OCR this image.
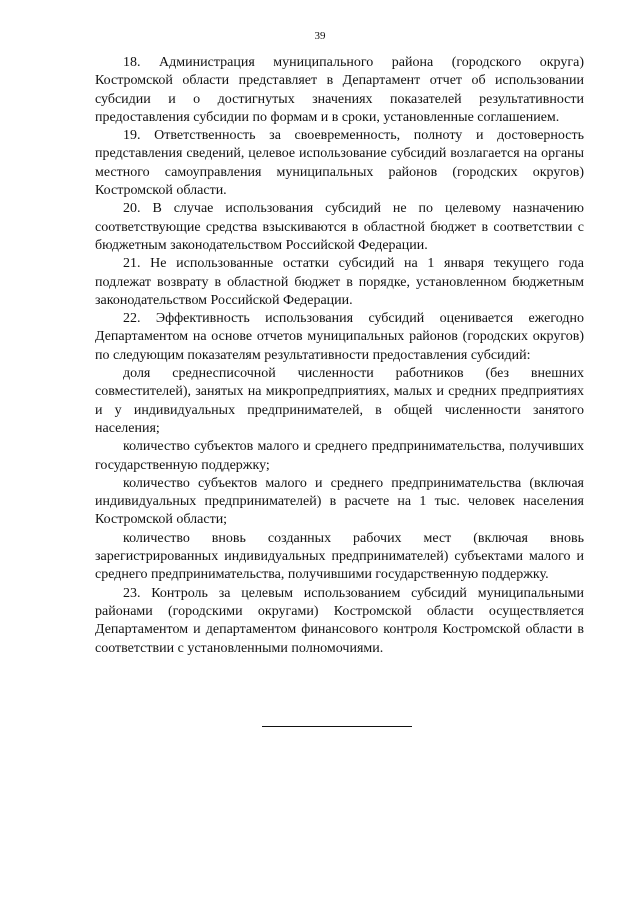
39

18. Администрация муниципального района (городского округа) Костромской области представляет в Департамент отчет об использовании субсидии и о достигнутых значениях показателей результативности предоставления субсидии по формам и в сроки, установленные соглашением.

19. Ответственность за своевременность, полноту и достоверность представления сведений, целевое использование субсидий возлагается на органы местного самоуправления муниципальных районов (городских округов) Костромской области.

20. В случае использования субсидий не по целевому назначению соответствующие средства взыскиваются в областной бюджет в соответствии с бюджетным законодательством Российской Федерации.

21. Не использованные остатки субсидий на 1 января текущего года подлежат возврату в областной бюджет в порядке, установленном бюджетным законодательством Российской Федерации.

22. Эффективность использования субсидий оценивается ежегодно Департаментом на основе отчетов муниципальных районов (городских округов) по следующим показателям результативности предоставления субсидий:

доля среднесписочной численности работников (без внешних совместителей), занятых на микропредприятиях, малых и средних предприятиях и у индивидуальных предпринимателей, в общей численности занятого населения;

количество субъектов малого и среднего предпринимательства, получивших государственную поддержку;

количество субъектов малого и среднего предпринимательства (включая индивидуальных предпринимателей) в расчете на 1 тыс. человек населения Костромской области;

количество вновь созданных рабочих мест (включая вновь зарегистрированных индивидуальных предпринимателей) субъектами малого и среднего предпринимательства, получившими государственную поддержку.

23. Контроль за целевым использованием субсидий муниципальными районами (городскими округами) Костромской области осуществляется Департаментом и департаментом финансового контроля Костромской области в соответствии с установленными полномочиями.
